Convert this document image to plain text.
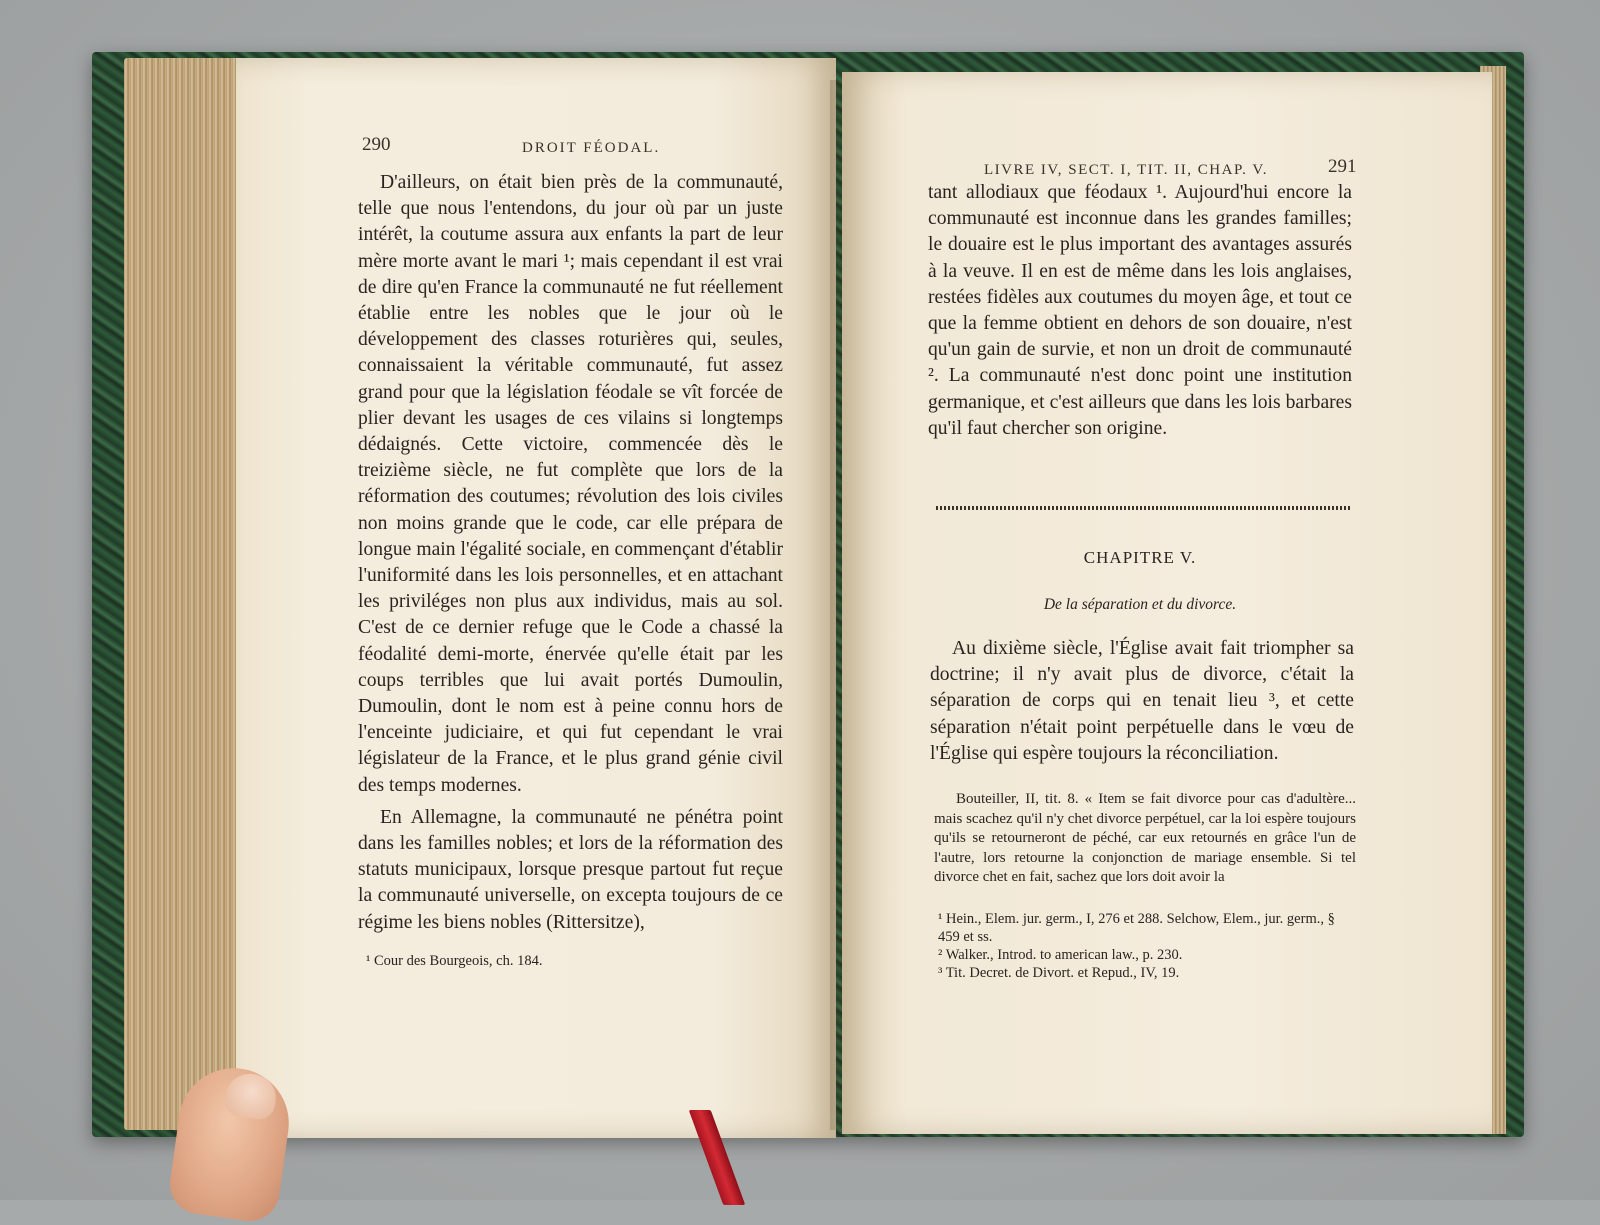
290	DROIT FÉODAL.

D'ailleurs, on était bien près de la communauté, telle que nous l'entendons, du jour où par un juste intérêt, la coutume assura aux enfants la part de leur mère morte avant le mari ¹; mais cependant il est vrai de dire qu'en France la communauté ne fut réellement établie entre les nobles que le jour où le développement des classes roturières qui, seules, connaissaient la véritable communauté, fut assez grand pour que la législation féodale se vît forcée de plier devant les usages de ces vilains si longtemps dédaignés. Cette victoire, commencée dès le treizième siècle, ne fut complète que lors de la réformation des coutumes; révolution des lois civiles non moins grande que le code, car elle prépara de longue main l'égalité sociale, en commençant d'établir l'uniformité dans les lois personnelles, et en attachant les priviléges non plus aux individus, mais au sol. C'est de ce dernier refuge que le Code a chassé la féodalité demi-morte, énervée qu'elle était par les coups terribles que lui avait portés Dumoulin, Dumoulin, dont le nom est à peine connu hors de l'enceinte judiciaire, et qui fut cependant le vrai législateur de la France, et le plus grand génie civil des temps modernes.

En Allemagne, la communauté ne pénétra point dans les familles nobles; et lors de la réformation des statuts municipaux, lorsque presque partout fut reçue la communauté universelle, on excepta toujours de ce régime les biens nobles (Rittersitze),

¹ Cour des Bourgeois, ch. 184.
LIVRE IV, SECT. I, TIT. II, CHAP. V.	291

tant allodiaux que féodaux ¹. Aujourd'hui encore la communauté est inconnue dans les grandes familles; le douaire est le plus important des avantages assurés à la veuve. Il en est de même dans les lois anglaises, restées fidèles aux coutumes du moyen âge, et tout ce que la femme obtient en dehors de son douaire, n'est qu'un gain de survie, et non un droit de communauté ². La communauté n'est donc point une institution germanique, et c'est ailleurs que dans les lois barbares qu'il faut chercher son origine.

CHAPITRE V.
De la séparation et du divorce.

Au dixième siècle, l'Église avait fait triompher sa doctrine; il n'y avait plus de divorce, c'était la séparation de corps qui en tenait lieu ³, et cette séparation n'était point perpétuelle dans le vœu de l'Église qui espère toujours la réconciliation.

Bouteiller, II, tit. 8. « Item se fait divorce pour cas d'adultère... mais scachez qu'il n'y chet divorce perpétuel, car la loi espère toujours qu'ils se retourneront de péché, car eux retournés en grâce l'un de l'autre, lors retourne la conjonction de mariage ensemble. Si tel divorce chet en fait, sachez que lors doit avoir la

¹ Hein., Elem. jur. germ., I, 276 et 288. Selchow, Elem., jur. germ., § 459 et ss.
² Walker., Introd. to american law., p. 230.
³ Tit. Decret. de Divort. et Repud., IV, 19.
